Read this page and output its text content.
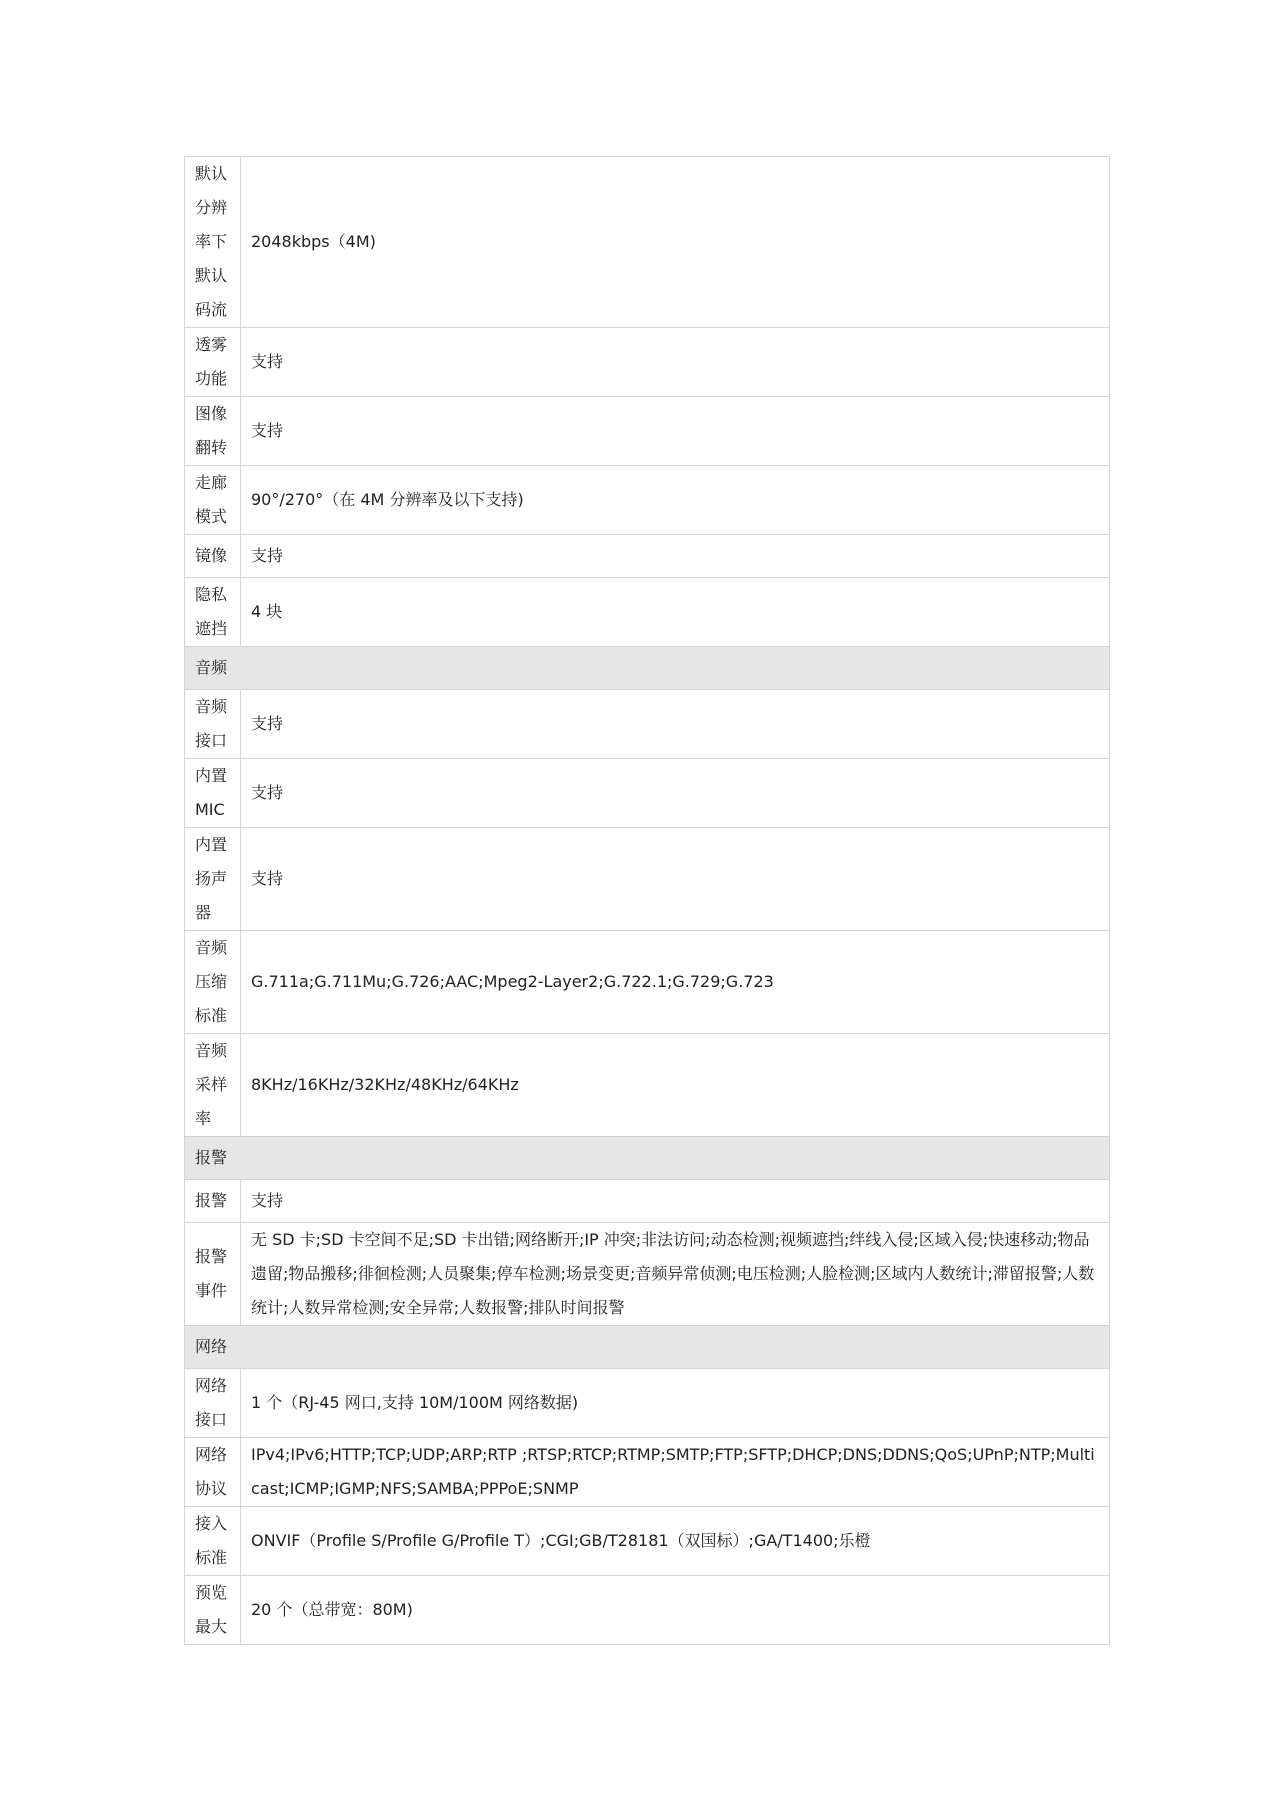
默认分辨率下默认码流	2048kbps（4M)
透雾功能	支持
图像翻转	支持
走廊模式	90°/270°（在 4M 分辨率及以下支持)
镜像	支持
隐私遮挡	4 块
音频	
音频接口	支持
内置MIC	支持
内置扬声器	支持
音频压缩标准	G.711a;G.711Mu;G.726;AAC;Mpeg2-Layer2;G.722.1;G.729;G.723
音频采样率	8KHz/16KHz/32KHz/48KHz/64KHz
报警	
报警	支持
报警事件	无 SD 卡;SD 卡空间不足;SD 卡出错;网络断开;IP 冲突;非法访问;动态检测;视频遮挡;绊线入侵;区域入侵;快速移动;物品遗留;物品搬移;徘徊检测;人员聚集;停车检测;场景变更;音频异常侦测;电压检测;人脸检测;区域内人数统计;滞留报警;人数统计;人数异常检测;安全异常;人数报警;排队时间报警
网络	
网络接口	1 个（RJ-45 网口,支持 10M/100M 网络数据)
网络协议	IPv4;IPv6;HTTP;TCP;UDP;ARP;RTP ;RTSP;RTCP;RTMP;SMTP;FTP;SFTP;DHCP;DNS;DDNS;QoS;UPnP;NTP;Multicast;ICMP;IGMP;NFS;SAMBA;PPPoE;SNMP
接入标准	ONVIF（Profile S/Profile G/Profile T）;CGI;GB/T28181（双国标）;GA/T1400;乐橙
预览最大	20 个（总带宽：80M)
